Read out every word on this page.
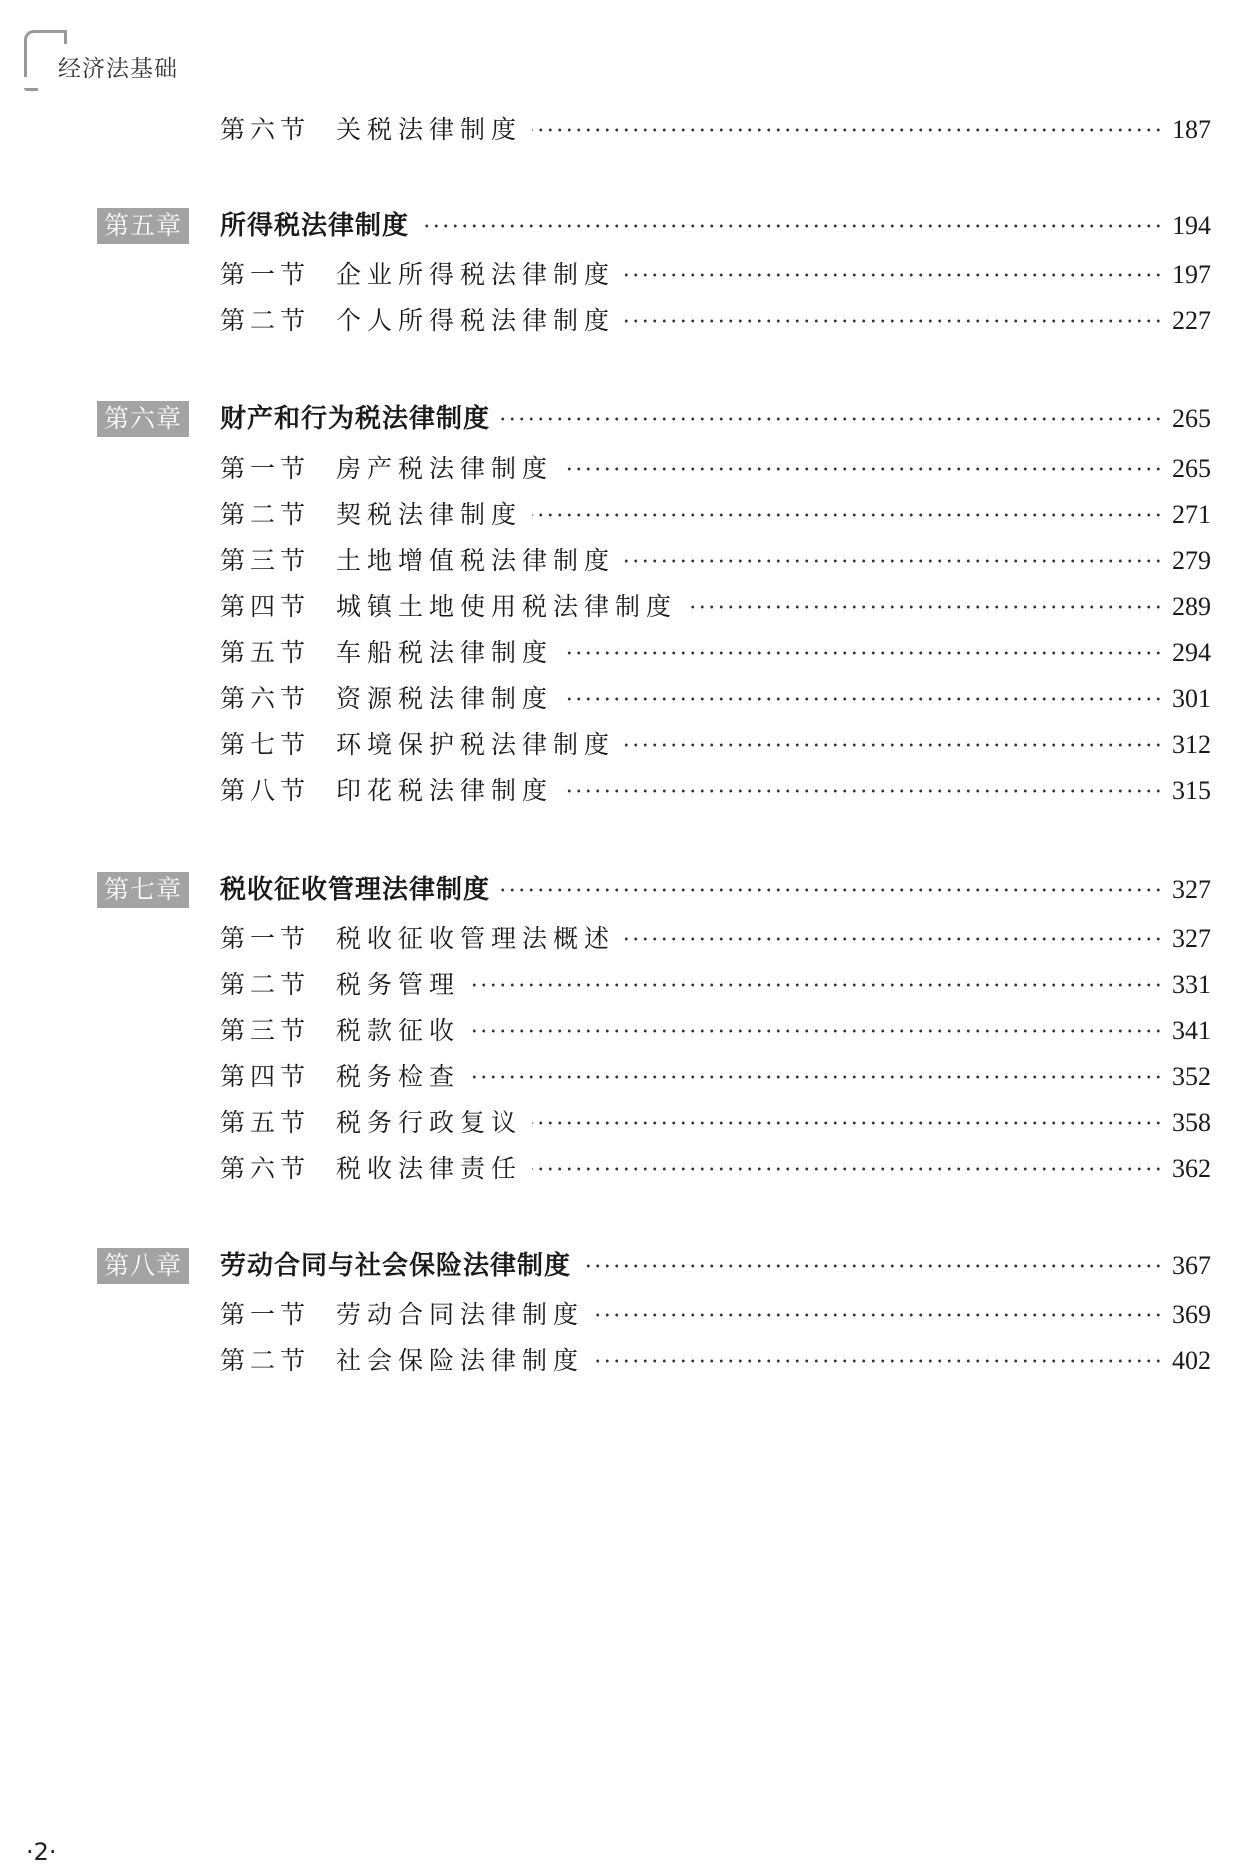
经济法基础
第六节 关税法律制度	187
第五章 所得税法律制度	194
第一节 企业所得税法律制度	197
第二节 个人所得税法律制度	227
第六章 财产和行为税法律制度	265
第一节 房产税法律制度	265
第二节 契税法律制度	271
第三节 土地增值税法律制度	279
第四节 城镇土地使用税法律制度	289
第五节 车船税法律制度	294
第六节 资源税法律制度	301
第七节 环境保护税法律制度	312
第八节 印花税法律制度	315
第七章 税收征收管理法律制度	327
第一节 税收征收管理法概述	327
第二节 税务管理	331
第三节 税款征收	341
第四节 税务检查	352
第五节 税务行政复议	358
第六节 税收法律责任	362
第八章 劳动合同与社会保险法律制度	367
第一节 劳动合同法律制度	369
第二节 社会保险法律制度	402
·2·
